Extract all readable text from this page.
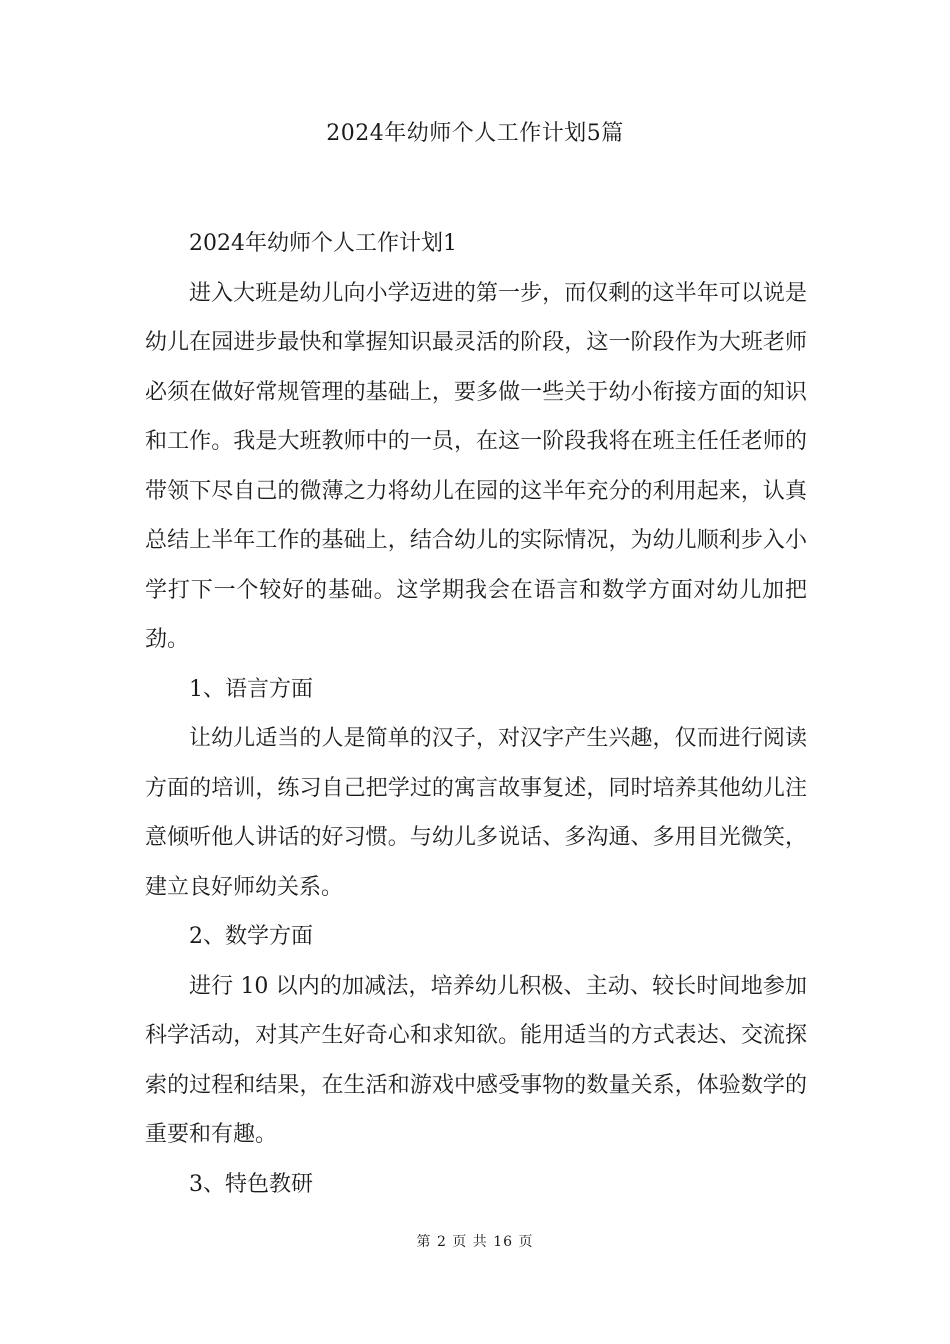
2024年幼师个人工作计划5篇

2024年幼师个人工作计划1

进入大班是幼儿向小学迈进的第一步，而仅剩的这半年可以说是幼儿在园进步最快和掌握知识最灵活的阶段，这一阶段作为大班老师必须在做好常规管理的基础上，要多做一些关于幼小衔接方面的知识和工作。我是大班教师中的一员，在这一阶段我将在班主任任老师的带领下尽自己的微薄之力将幼儿在园的这半年充分的利用起来，认真总结上半年工作的基础上，结合幼儿的实际情况，为幼儿顺利步入小学打下一个较好的基础。这学期我会在语言和数学方面对幼儿加把劲。

1、语言方面

让幼儿适当的人是简单的汉子，对汉字产生兴趣，仅而进行阅读方面的培训，练习自己把学过的寓言故事复述，同时培养其他幼儿注意倾听他人讲话的好习惯。与幼儿多说话、多沟通、多用目光微笑，建立良好师幼关系。

2、数学方面

进行 10 以内的加减法，培养幼儿积极、主动、较长时间地参加科学活动，对其产生好奇心和求知欲。能用适当的方式表达、交流探索的过程和结果，在生活和游戏中感受事物的数量关系，体验数学的重要和有趣。

3、特色教研

第 2 页 共 16 页
